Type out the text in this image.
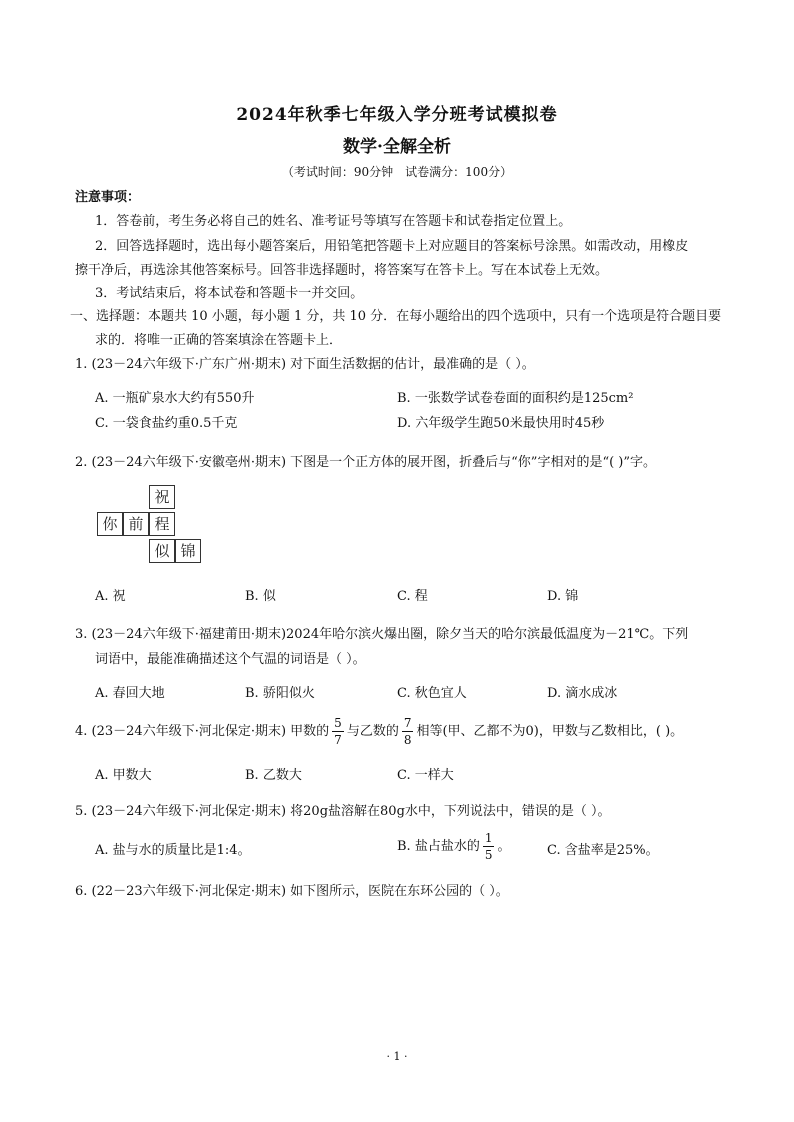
2024年秋季七年级入学分班考试模拟卷
数学·全解全析
（考试时间：90分钟　试卷满分：100分）
注意事项：
1．答卷前，考生务必将自己的姓名、准考证号等填写在答题卡和试卷指定位置上。
2．回答选择题时，选出每小题答案后，用铅笔把答题卡上对应题目的答案标号涂黑。如需改动，用橡皮
擦干净后，再选涂其他答案标号。回答非选择题时，将答案写在答卡上。写在本试卷上无效。
3．考试结束后，将本试卷和答题卡一并交回。
一、选择题：本题共 10 小题，每小题 1 分，共 10 分．在每小题给出的四个选项中，只有一个选项是符合题目要
求的．将唯一正确的答案填涂在答题卡上．
1. (23－24六年级下·广东广州·期末) 对下面生活数据的估计，最准确的是（ ）。
A. 一瓶矿泉水大约有550升	B. 一张数学试卷卷面的面积约是125cm²
C. 一袋食盐约重0.5千克	D. 六年级学生跑50米最快用时45秒
2. (23－24六年级下·安徽亳州·期末) 下图是一个正方体的展开图，折叠后与“你”字相对的是“( )”字。
祝
你 前 程
似 锦
A. 祝	B. 似	C. 程	D. 锦
3. (23－24六年级下·福建莆田·期末)2024年哈尔滨火爆出圈，除夕当天的哈尔滨最低温度为－21℃。下列
词语中，最能准确描述这个气温的词语是（ ）。
A. 春回大地	B. 骄阳似火	C. 秋色宜人	D. 滴水成冰
4. (23－24六年级下·河北保定·期末) 甲数的 $\frac{5}{7}$ 与乙数的 $\frac{7}{8}$ 相等(甲、乙都不为0)，甲数与乙数相比，( )。
A. 甲数大	B. 乙数大	C. 一样大
5. (23－24六年级下·河北保定·期末) 将20g盐溶解在80g水中，下列说法中，错误的是（ ）。
A. 盐与水的质量比是1:4。	B. 盐占盐水的 $\frac{1}{5}$ 。	C. 含盐率是25%。
6. (22－23六年级下·河北保定·期末) 如下图所示，医院在东环公园的（ ）。
· 1 ·
